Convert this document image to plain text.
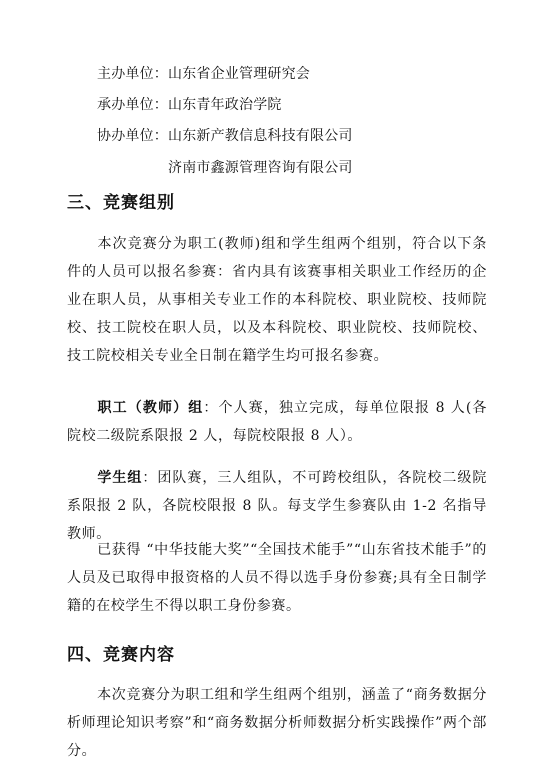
主办单位：山东省企业管理研究会
承办单位：山东青年政治学院
协办单位：山东新产教信息科技有限公司
济南市鑫源管理咨询有限公司
三、竞赛组别
本次竞赛分为职工(教师)组和学生组两个组别，符合以下条件的人员可以报名参赛：省内具有该赛事相关职业工作经历的企业在职人员，从事相关专业工作的本科院校、职业院校、技师院校、技工院校在职人员，以及本科院校、职业院校、技师院校、技工院校相关专业全日制在籍学生均可报名参赛。
职工（教师）组：个人赛，独立完成，每单位限报 8 人(各院校二级院系限报 2 人，每院校限报 8 人）。
学生组：团队赛，三人组队，不可跨校组队，各院校二级院系限报 2 队，各院校限报 8 队。每支学生参赛队由 1-2 名指导教师。
已获得 “中华技能大奖”“全国技术能手”“山东省技术能手”的人员及已取得申报资格的人员不得以选手身份参赛;具有全日制学籍的在校学生不得以职工身份参赛。
四、竞赛内容
本次竞赛分为职工组和学生组两个组别，涵盖了“商务数据分析师理论知识考察”和“商务数据分析师数据分析实践操作”两个部分。
